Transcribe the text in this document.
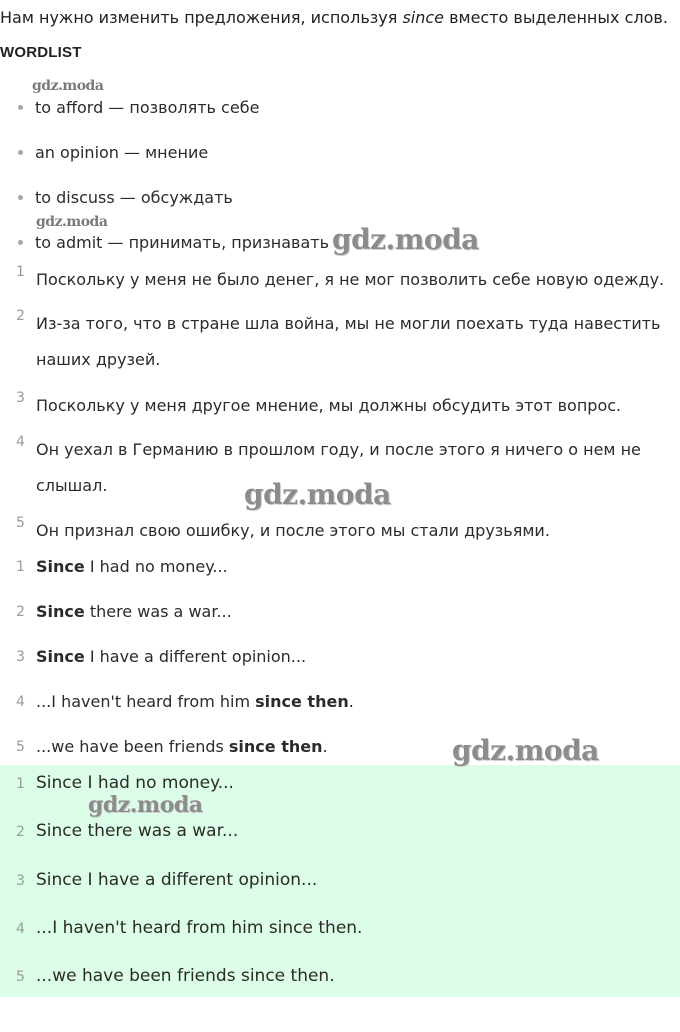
Нам нужно изменить предложения, используя since вместо выделенных слов.
WORDLIST
to afford — позволять себе
an opinion — мнение
to discuss — обсуждать
to admit — принимать, признавать
1 Поскольку у меня не было денег, я не мог позволить себе новую одежду.
2 Из-за того, что в стране шла война, мы не могли поехать туда навестить наших друзей.
3 Поскольку у меня другое мнение, мы должны обсудить этот вопрос.
4 Он уехал в Германию в прошлом году, и после этого я ничего о нем не слышал.
5 Он признал свою ошибку, и после этого мы стали друзьями.
1 Since I had no money...
2 Since there was a war...
3 Since I have a different opinion...
4 ...I haven't heard from him since then.
5 ...we have been friends since then.
1 Since I had no money...
2 Since there was a war...
3 Since I have a different opinion...
4 ...I haven't heard from him since then.
5 ...we have been friends since then.
gdz.moda
gdz.moda
gdz.moda
gdz.moda
gdz.moda
gdz.moda
